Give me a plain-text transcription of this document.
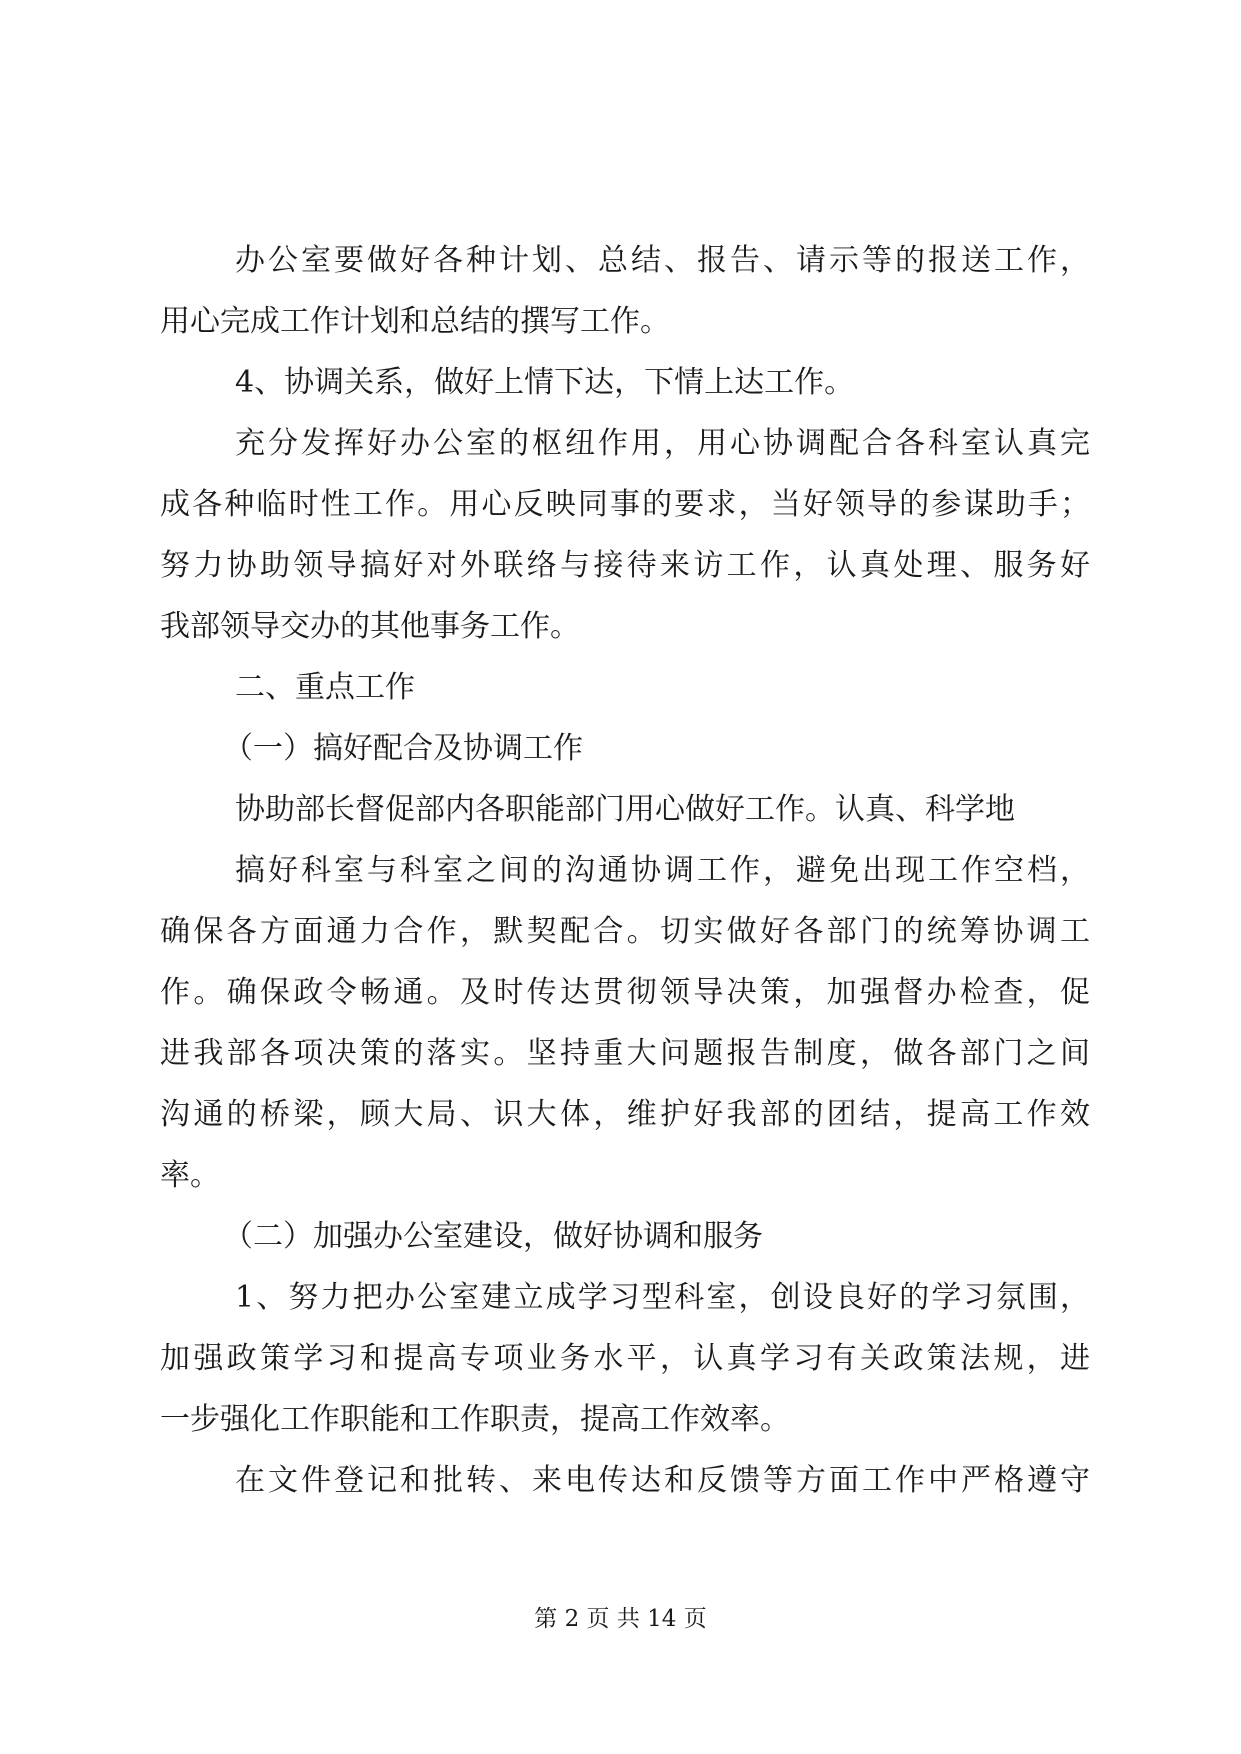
办公室要做好各种计划、总结、报告、请示等的报送工作，
用心完成工作计划和总结的撰写工作。
4、协调关系，做好上情下达，下情上达工作。
充分发挥好办公室的枢纽作用，用心协调配合各科室认真完
成各种临时性工作。用心反映同事的要求，当好领导的参谋助手；
努力协助领导搞好对外联络与接待来访工作，认真处理、服务好
我部领导交办的其他事务工作。
二、重点工作
（一）搞好配合及协调工作
协助部长督促部内各职能部门用心做好工作。认真、科学地
搞好科室与科室之间的沟通协调工作，避免出现工作空档，
确保各方面通力合作，默契配合。切实做好各部门的统筹协调工
作。确保政令畅通。及时传达贯彻领导决策，加强督办检查，促
进我部各项决策的落实。坚持重大问题报告制度，做各部门之间
沟通的桥梁，顾大局、识大体，维护好我部的团结，提高工作效
率。
（二）加强办公室建设，做好协调和服务
1、努力把办公室建立成学习型科室，创设良好的学习氛围，
加强政策学习和提高专项业务水平，认真学习有关政策法规，进
一步强化工作职能和工作职责，提高工作效率。
在文件登记和批转、来电传达和反馈等方面工作中严格遵守
第 2 页 共 14 页
